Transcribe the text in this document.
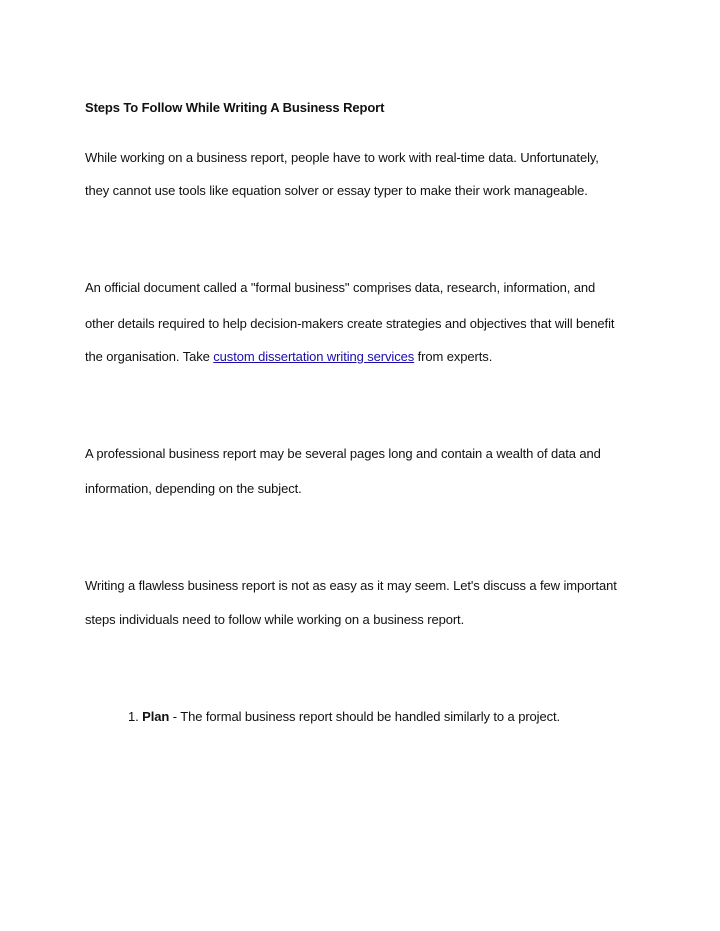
Steps To Follow While Writing A Business Report
While working on a business report, people have to work with real-time data. Unfortunately,
they cannot use tools like equation solver or essay typer to make their work manageable.
An official document called a "formal business" comprises data, research, information, and
other details required to help decision-makers create strategies and objectives that will benefit
the organisation. Take custom dissertation writing services from experts.
A professional business report may be several pages long and contain a wealth of data and
information, depending on the subject.
Writing a flawless business report is not as easy as it may seem. Let's discuss a few important
steps individuals need to follow while working on a business report.
1. Plan - The formal business report should be handled similarly to a project.
